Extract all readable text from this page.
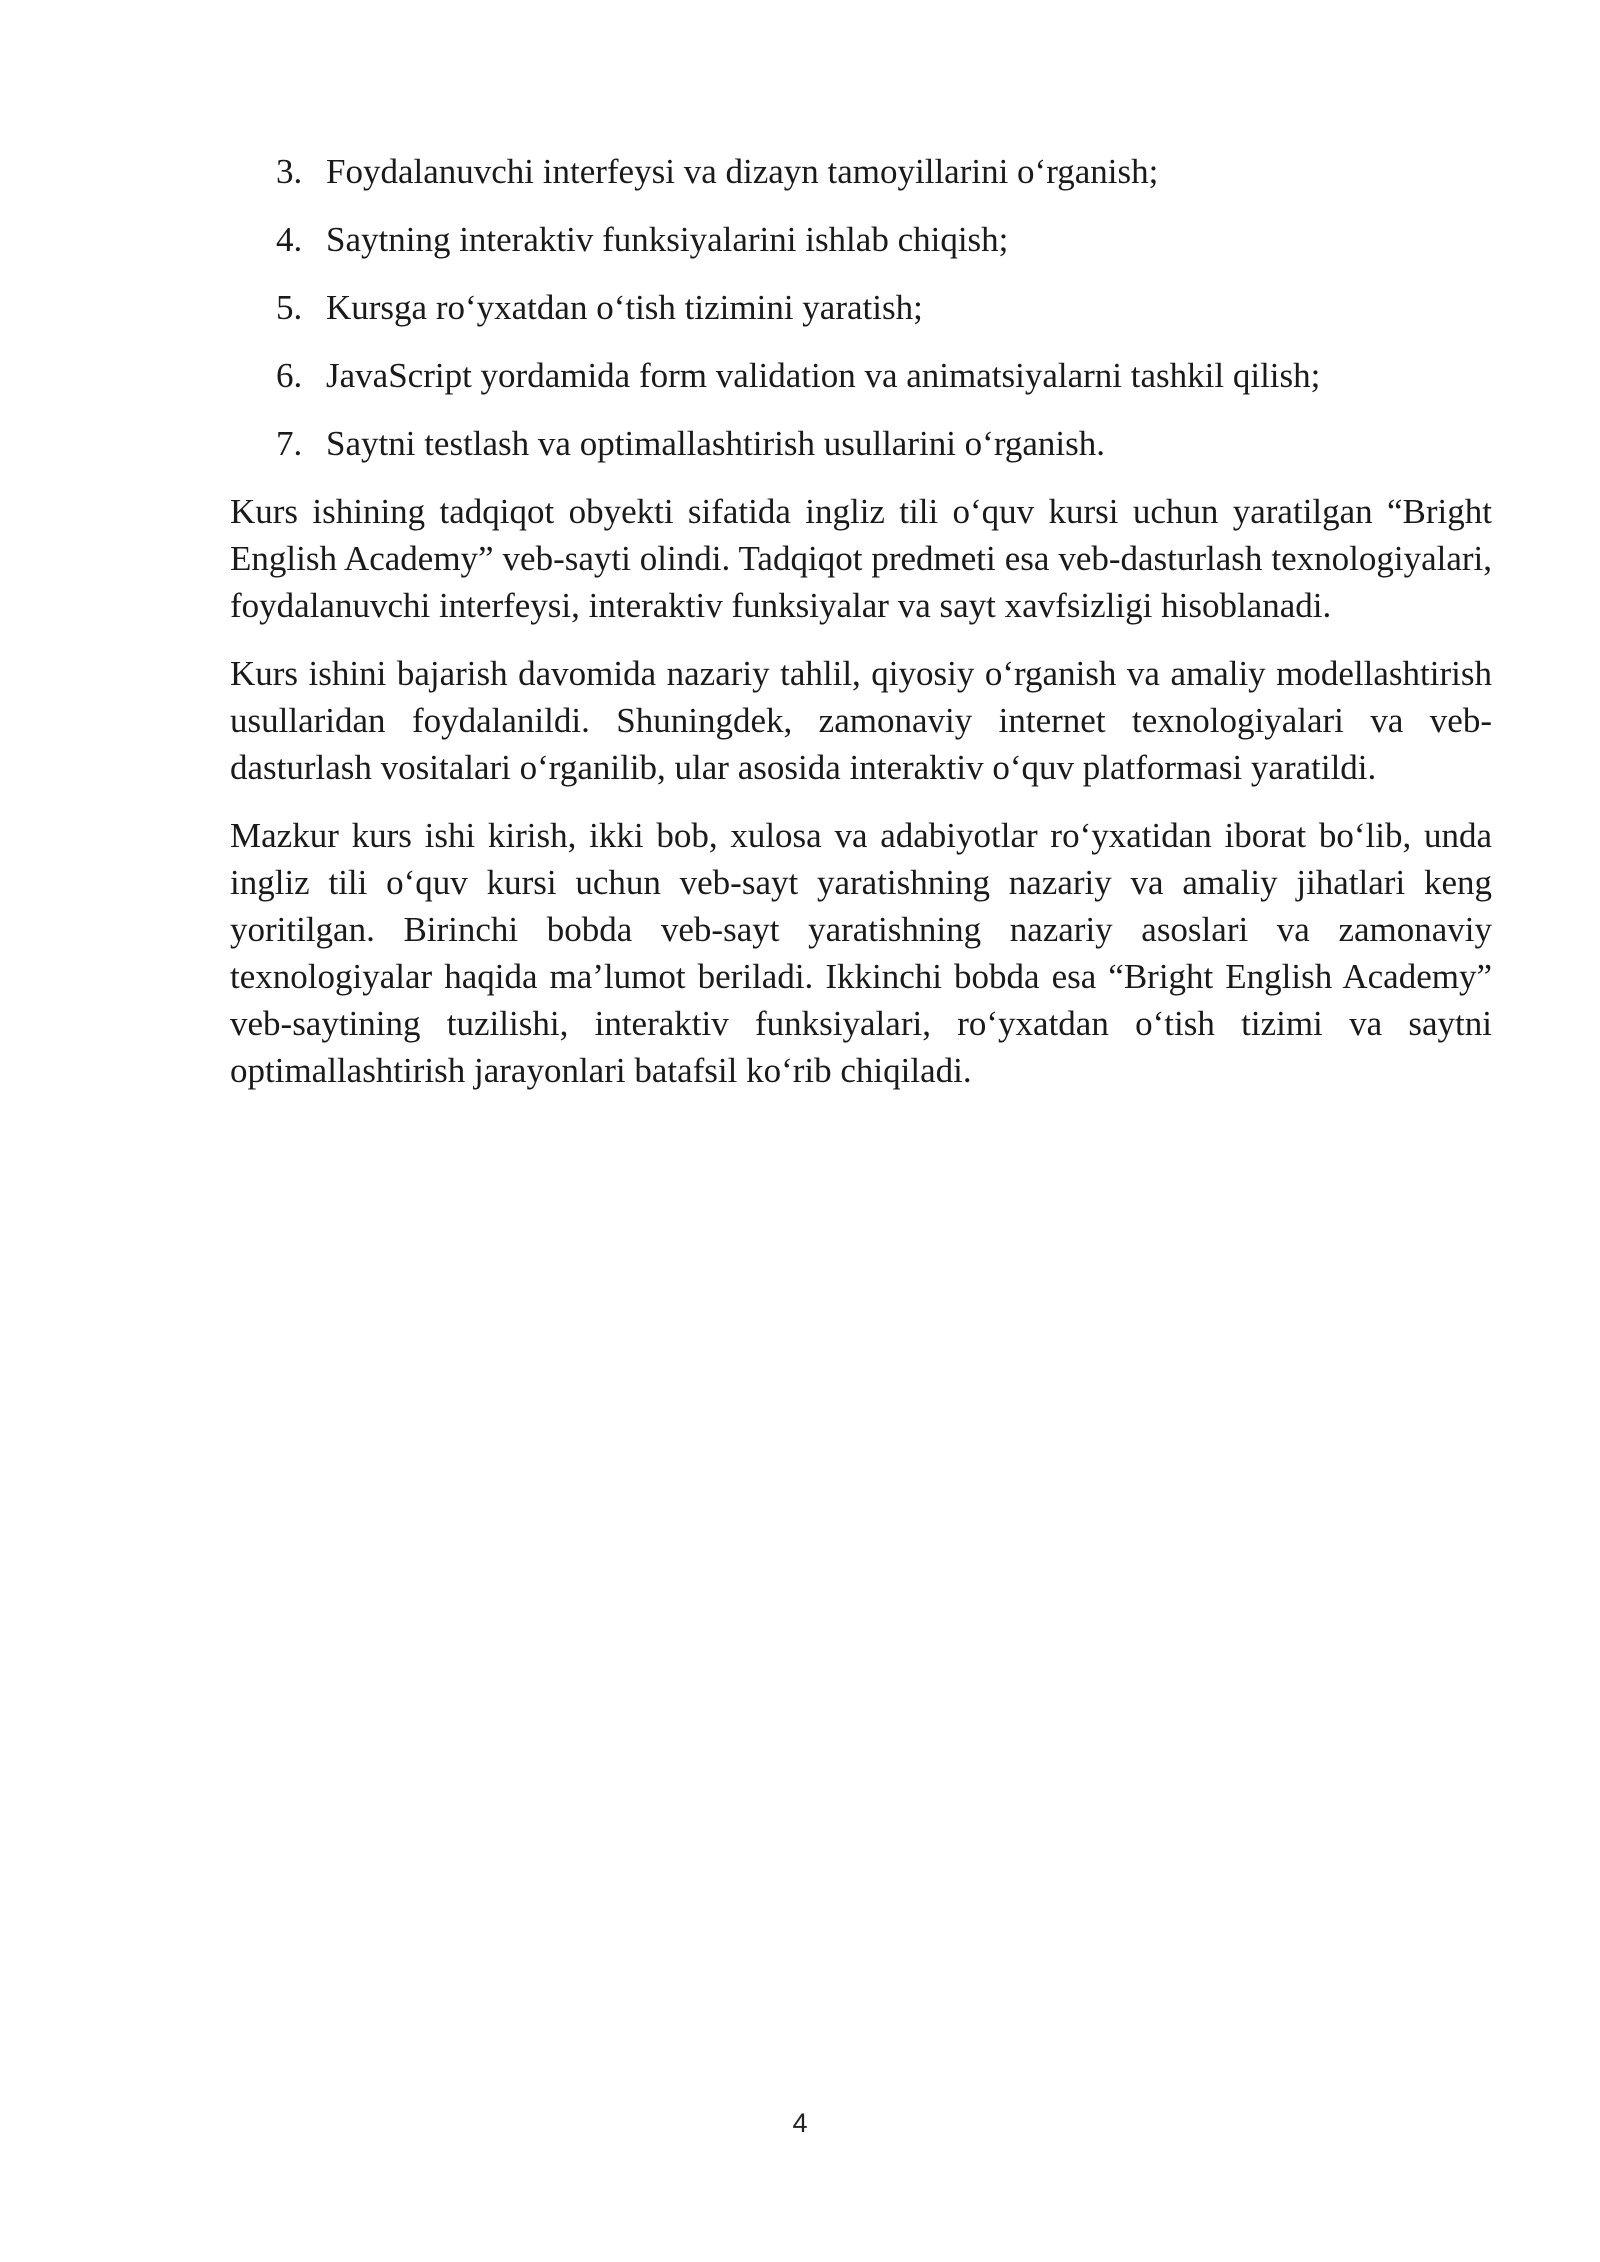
3. Foydalanuvchi interfeysi va dizayn tamoyillarini o‘rganish;
4. Saytning interaktiv funksiyalarini ishlab chiqish;
5. Kursga ro‘yxatdan o‘tish tizimini yaratish;
6. JavaScript yordamida form validation va animatsiyalarni tashkil qilish;
7. Saytni testlash va optimallashtirish usullarini o‘rganish.

Kurs ishining tadqiqot obyekti sifatida ingliz tili o‘quv kursi uchun yaratilgan “Bright English Academy” veb-sayti olindi. Tadqiqot predmeti esa veb-dasturlash texnologiyalari, foydalanuvchi interfeysi, interaktiv funksiyalar va sayt xavfsizligi hisoblanadi.

Kurs ishini bajarish davomida nazariy tahlil, qiyosiy o‘rganish va amaliy modellashtirish usullaridan foydalanildi. Shuningdek, zamonaviy internet texnologiyalari va veb-dasturlash vositalari o‘rganilib, ular asosida interaktiv o‘quv platformasi yaratildi.

Mazkur kurs ishi kirish, ikki bob, xulosa va adabiyotlar ro‘yxatidan iborat bo‘lib, unda ingliz tili o‘quv kursi uchun veb-sayt yaratishning nazariy va amaliy jihatlari keng yoritilgan. Birinchi bobda veb-sayt yaratishning nazariy asoslari va zamonaviy texnologiyalar haqida ma’lumot beriladi. Ikkinchi bobda esa “Bright English Academy” veb-saytining tuzilishi, interaktiv funksiyalari, ro‘yxatdan o‘tish tizimi va saytni optimallashtirish jarayonlari batafsil ko‘rib chiqiladi.

4
